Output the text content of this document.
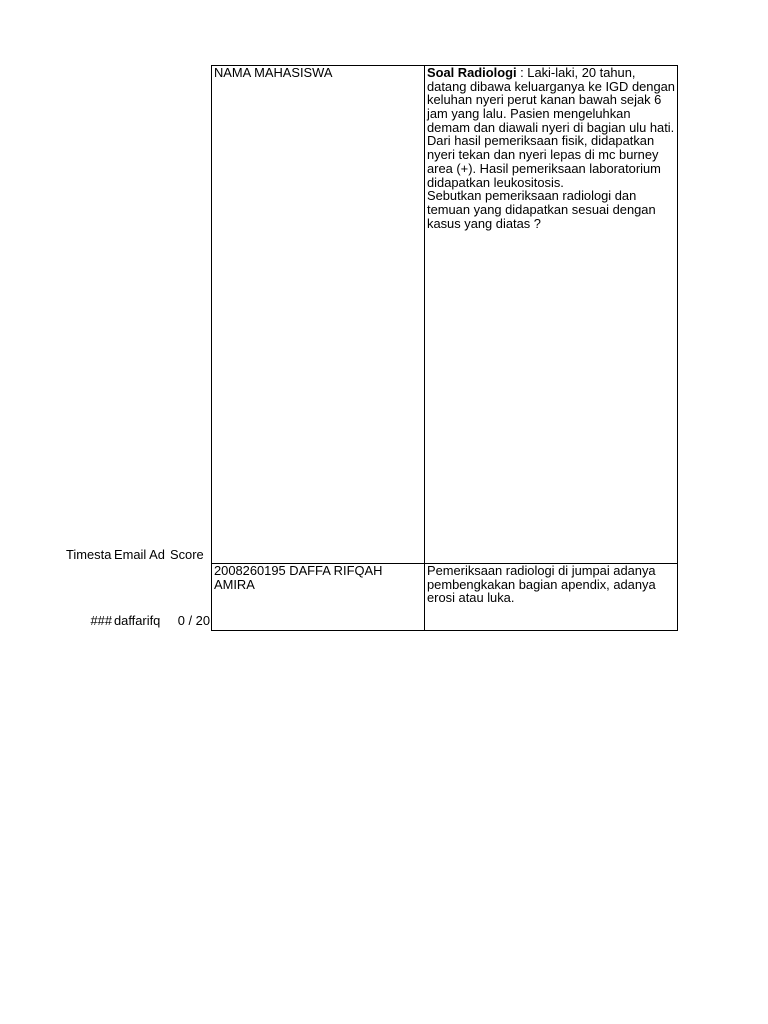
Timesta Email Ad Score
### daffarifq	0 / 20
NAMA MAHASISWA	Soal Radiologi : Laki-laki, 20 tahun,
datang dibawa keluarganya ke IGD dengan
keluhan nyeri perut kanan bawah sejak 6
jam yang lalu. Pasien mengeluhkan
demam dan diawali nyeri di bagian ulu hati.
Dari hasil pemeriksaan fisik, didapatkan
nyeri tekan dan nyeri lepas di mc burney
area (+). Hasil pemeriksaan laboratorium
didapatkan leukositosis.
Sebutkan pemeriksaan radiologi dan
temuan yang didapatkan sesuai dengan
kasus yang diatas ?
2008260195 DAFFA RIFQAH
AMIRA
Pemeriksaan radiologi di jumpai adanya
pembengkakan bagian apendix, adanya
erosi atau luka.
